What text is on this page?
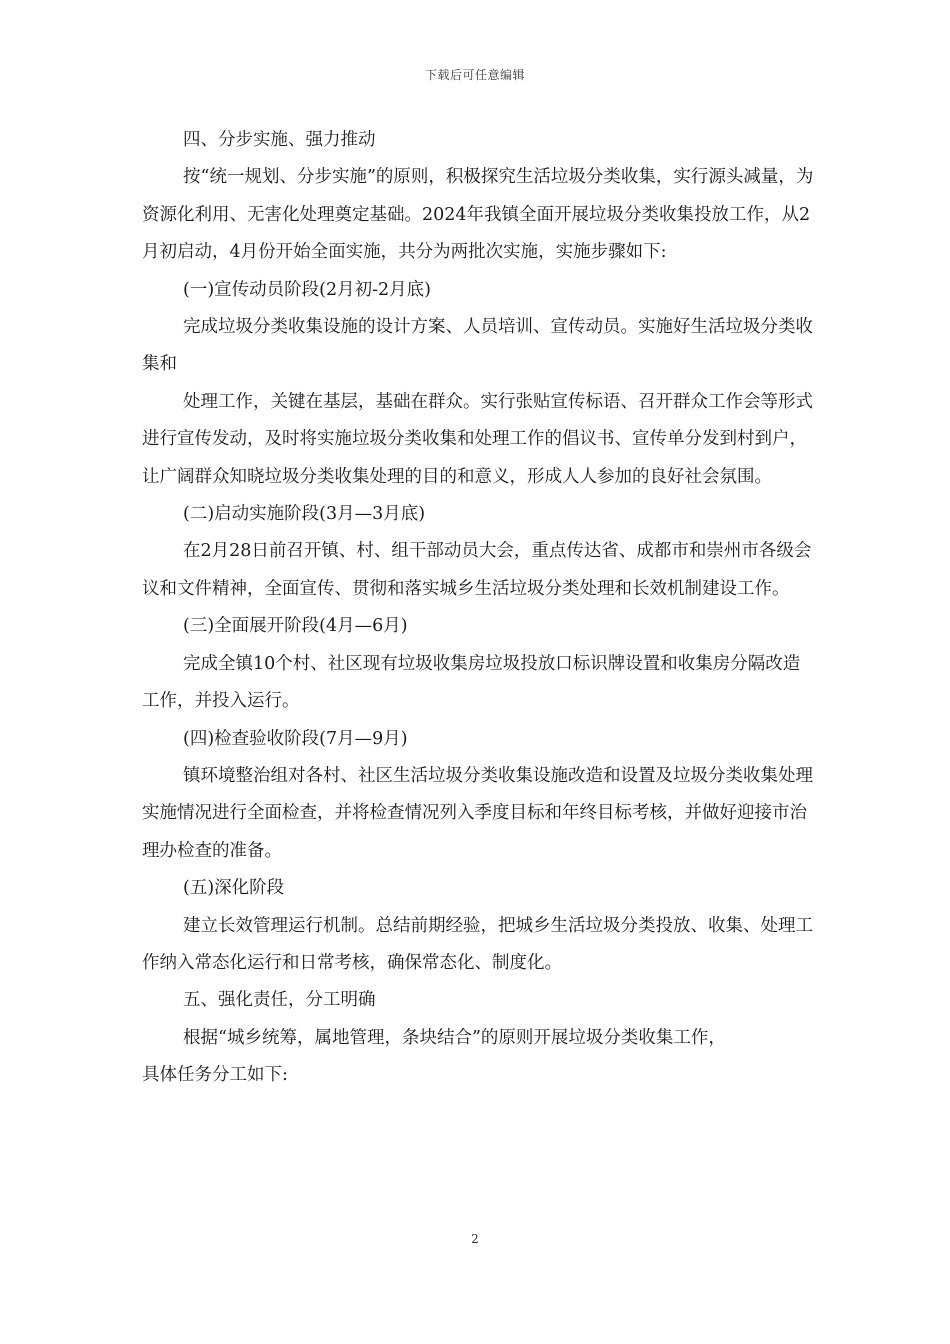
下载后可任意编辑

四、分步实施、强力推动

按“统一规划、分步实施”的原则，积极探究生活垃圾分类收集，实行源头减量，为资源化利用、无害化处理奠定基础。2024年我镇全面开展垃圾分类收集投放工作，从2月初启动，4月份开始全面实施，共分为两批次实施，实施步骤如下:

(一)宣传动员阶段(2月初-2月底)

完成垃圾分类收集设施的设计方案、人员培训、宣传动员。实施好生活垃圾分类收集和

处理工作，关键在基层，基础在群众。实行张贴宣传标语、召开群众工作会等形式进行宣传发动，及时将实施垃圾分类收集和处理工作的倡议书、宣传单分发到村到户，让广阔群众知晓垃圾分类收集处理的目的和意义，形成人人参加的良好社会氛围。

(二)启动实施阶段(3月—3月底)

在2月28日前召开镇、村、组干部动员大会，重点传达省、成都市和崇州市各级会议和文件精神，全面宣传、贯彻和落实城乡生活垃圾分类处理和长效机制建设工作。

(三)全面展开阶段(4月—6月)

完成全镇10个村、社区现有垃圾收集房垃圾投放口标识牌设置和收集房分隔改造工作，并投入运行。

(四)检查验收阶段(7月—9月)

镇环境整治组对各村、社区生活垃圾分类收集设施改造和设置及垃圾分类收集处理实施情况进行全面检查，并将检查情况列入季度目标和年终目标考核，并做好迎接市治理办检查的准备。

(五)深化阶段

建立长效管理运行机制。总结前期经验，把城乡生活垃圾分类投放、收集、处理工作纳入常态化运行和日常考核，确保常态化、制度化。

五、强化责任，分工明确

根据“城乡统筹，属地管理，条块结合”的原则开展垃圾分类收集工作，

具体任务分工如下:

2
